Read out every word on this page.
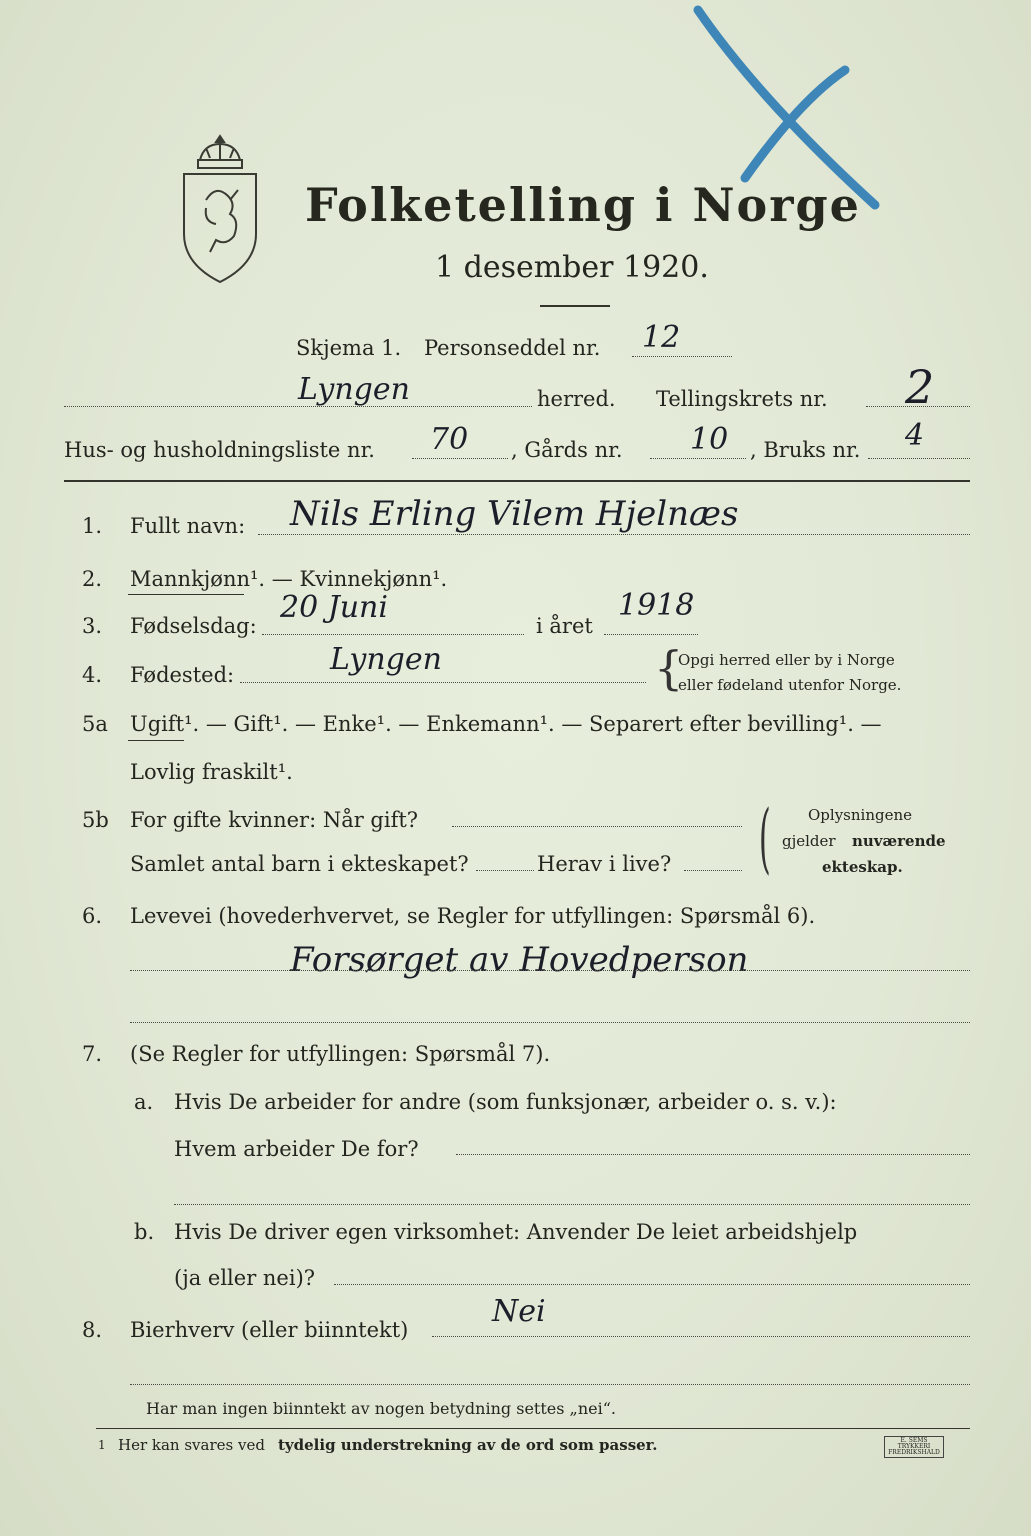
Folketelling i Norge
1 desember 1920.
Skjema 1. Personseddel nr. 12
Lyngen	herred. Tellingskrets nr. 2
Hus- og husholdningsliste nr. 70 , Gårds nr. 10 , Bruks nr. 4
1. Fullt navn: Nils Erling Vilem Hjelnæs
2. Mannkjønn¹. — Kvinnekjønn¹.
3. Fødselsdag:
20 Juni
i året
1918
4. Fødested:	Lyngen	{
Opgi herred eller by i Norge
eller fødeland utenfor Norge.
5a Ugift¹. — Gift¹. — Enke¹. — Enkemann¹. — Separert efter bevilling¹. —
Lovlig fraskilt¹.
5b For gifte kvinner: Når gift?
Samlet antal barn i ekteskapet?	Herav i live? ( Oplysningene
gjelder nuværende
ekteskap.
6. Levevei (hovederhvervet, se Regler for utfyllingen: Spørsmål 6).
Forsørget av Hovedperson
7. (Se Regler for utfyllingen: Spørsmål 7).
a. Hvis De arbeider for andre (som funksjonær, arbeider o. s. v.):
Hvem arbeider De for?
b. Hvis De driver egen virksomhet: Anvender De leiet arbeidshjelp
(ja eller nei)?
8. Bierhverv (eller biinntekt)
Nei
Har man ingen biinntekt av nogen betydning settes „nei“.
1 Her kan svares ved tydelig understrekning av de ord som passer.	E. SEMS TRYKKERI
FREDRIKSHALD
